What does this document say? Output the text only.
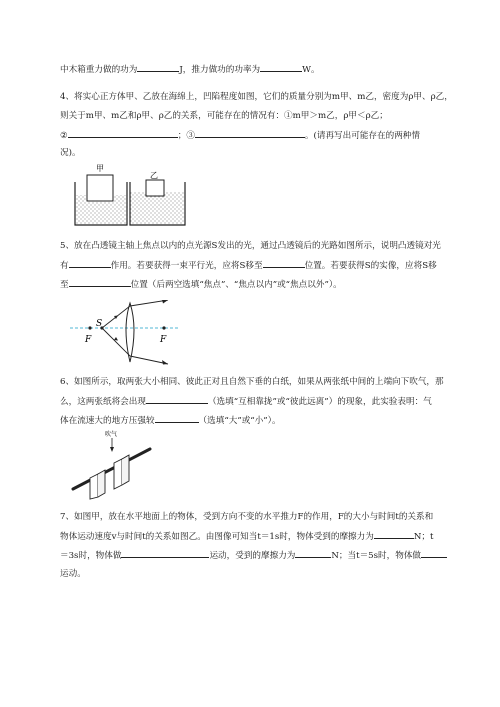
中木箱重力做的功为	J，推力做功的功率为	W。
4、将实心正方体甲、乙放在海绵上，凹陷程度如图，它们的质量分别为m甲、m乙，密度为ρ甲、ρ乙，
则关于m甲、m乙和ρ甲、ρ乙的关系，可能存在的情况有：①m甲＞m乙，ρ甲＜ρ乙；
②	；③	。(请再写出可能存在的两种情
况)。
甲
乙
5、放在凸透镜主轴上焦点以内的点光源S发出的光，通过凸透镜后的光路如图所示，说明凸透镜对光
有	作用。若要获得一束平行光，应将S移至	位置。若要获得S的实像，应将S移
至	位置（后两空选填“焦点”、“焦点以内”或“焦点以外”）。
S
F	F
6、如图所示，取两张大小相同、彼此正对且自然下垂的白纸，如果从两张纸中间的上端向下吹气，那
么，这两张纸将会出现	（选填“互相靠拢”或“彼此远离”）的现象，此实验表明：气
体在流速大的地方压强较	（选填“大”或“小”）。
吹气
7、如图甲，放在水平地面上的物体，受到方向不变的水平推力F的作用，F的大小与时间t的关系和
物体运动速度v与时间t的关系如图乙。由图像可知当t＝1s时，物体受到的摩擦力为	N；t
＝3s时，物体做	运动，受到的摩擦力为	N；当t＝5s时，物体做
运动。
